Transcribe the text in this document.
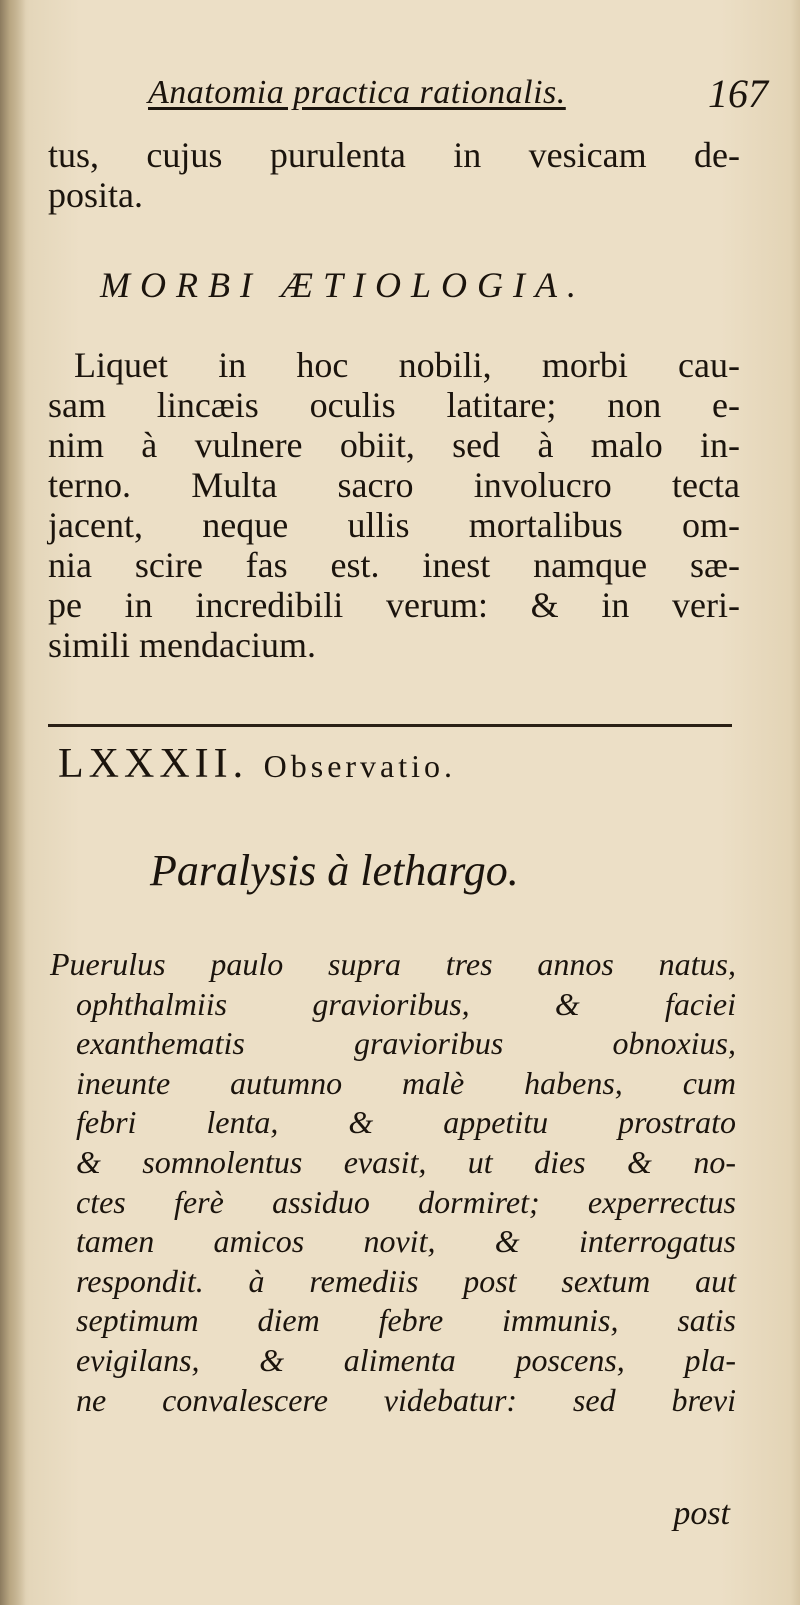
Anatomia practica rationalis.	167
tus, cujus purulenta in vesicam de-
posita.
MORBI ÆTIOLOGIA.
Liquet in hoc nobili, morbi cau-
sam lincæis oculis latitare; non e-
nim à vulnere obiit, sed à malo in-
terno. Multa sacro involucro tecta
jacent, neque ullis mortalibus om-
nia scire fas est. inest namque sæ-
pe in incredibili verum: & in veri-
simili mendacium.
LXXXII. Observatio.
Paralysis à lethargo.
Puerulus paulo supra tres annos natus,
ophthalmiis gravioribus, & faciei
exanthematis gravioribus obnoxius,
ineunte autumno malè habens, cum
febri lenta, & appetitu prostrato
& somnolentus evasit, ut dies & no-
ctes ferè assiduo dormiret; experrectus
tamen amicos novit, & interrogatus
respondit. à remediis post sextum aut
septimum diem febre immunis, satis
evigilans, & alimenta poscens, pla-
ne convalescere videbatur: sed brevi
post
